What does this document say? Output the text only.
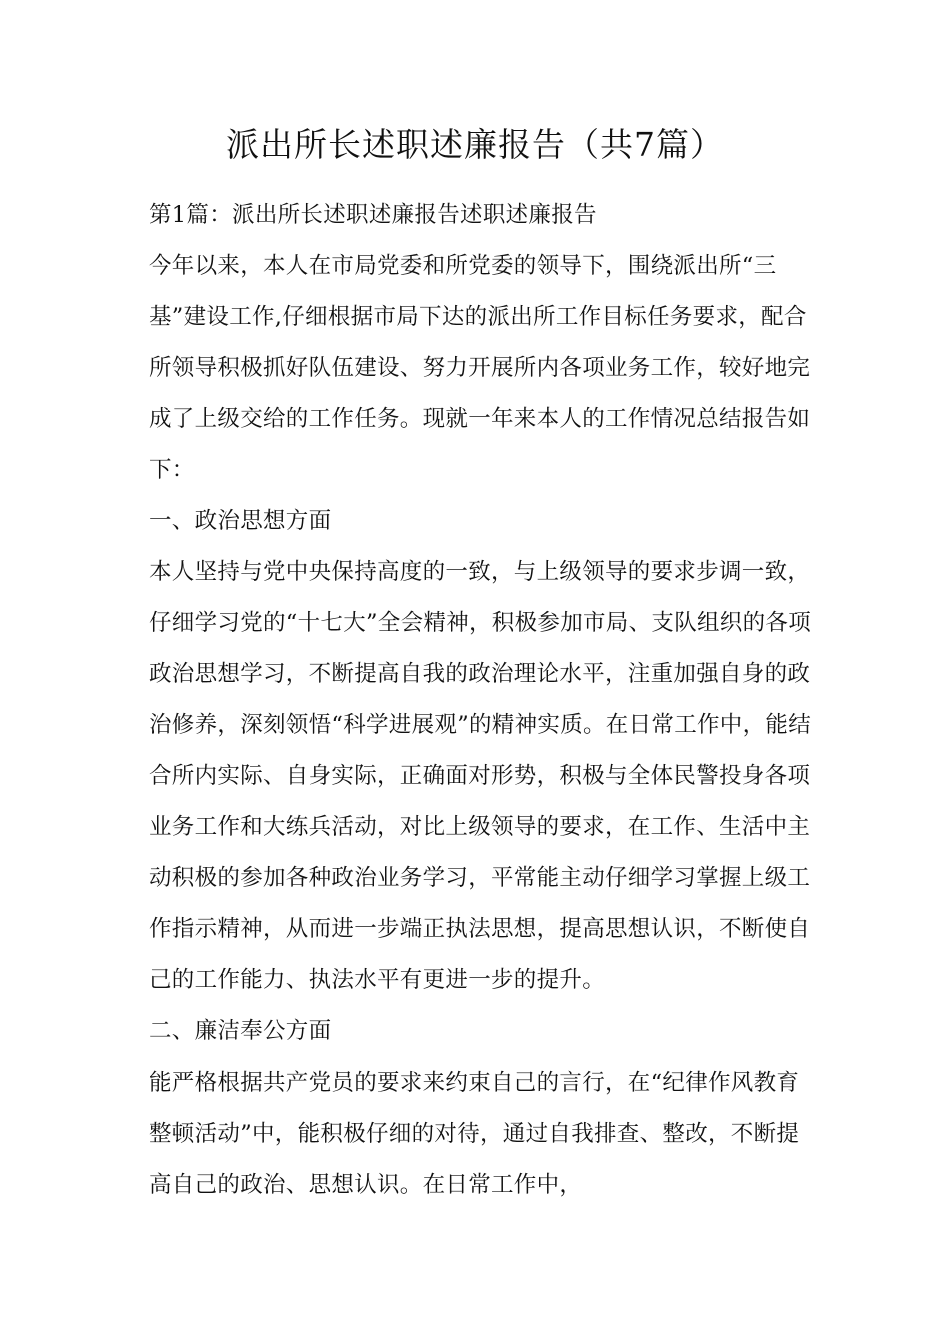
派出所长述职述廉报告（共7篇）
第1篇：派出所长述职述廉报告述职述廉报告
今年以来，本人在市局党委和所党委的领导下，围绕派出所“三
基”建设工作,仔细根据市局下达的派出所工作目标任务要求，配合
所领导积极抓好队伍建设、努力开展所内各项业务工作，较好地完
成了上级交给的工作任务。现就一年来本人的工作情况总结报告如
下：
一、政治思想方面
本人坚持与党中央保持高度的一致，与上级领导的要求步调一致，
仔细学习党的“十七大”全会精神，积极参加市局、支队组织的各项
政治思想学习，不断提高自我的政治理论水平，注重加强自身的政
治修养，深刻领悟“科学进展观”的精神实质。在日常工作中，能结
合所内实际、自身实际，正确面对形势，积极与全体民警投身各项
业务工作和大练兵活动，对比上级领导的要求，在工作、生活中主
动积极的参加各种政治业务学习，平常能主动仔细学习掌握上级工
作指示精神，从而进一步端正执法思想，提高思想认识，不断使自
己的工作能力、执法水平有更进一步的提升。
二、廉洁奉公方面
能严格根据共产党员的要求来约束自己的言行，在“纪律作风教育
整顿活动”中，能积极仔细的对待，通过自我排查、整改，不断提
高自己的政治、思想认识。在日常工作中，
